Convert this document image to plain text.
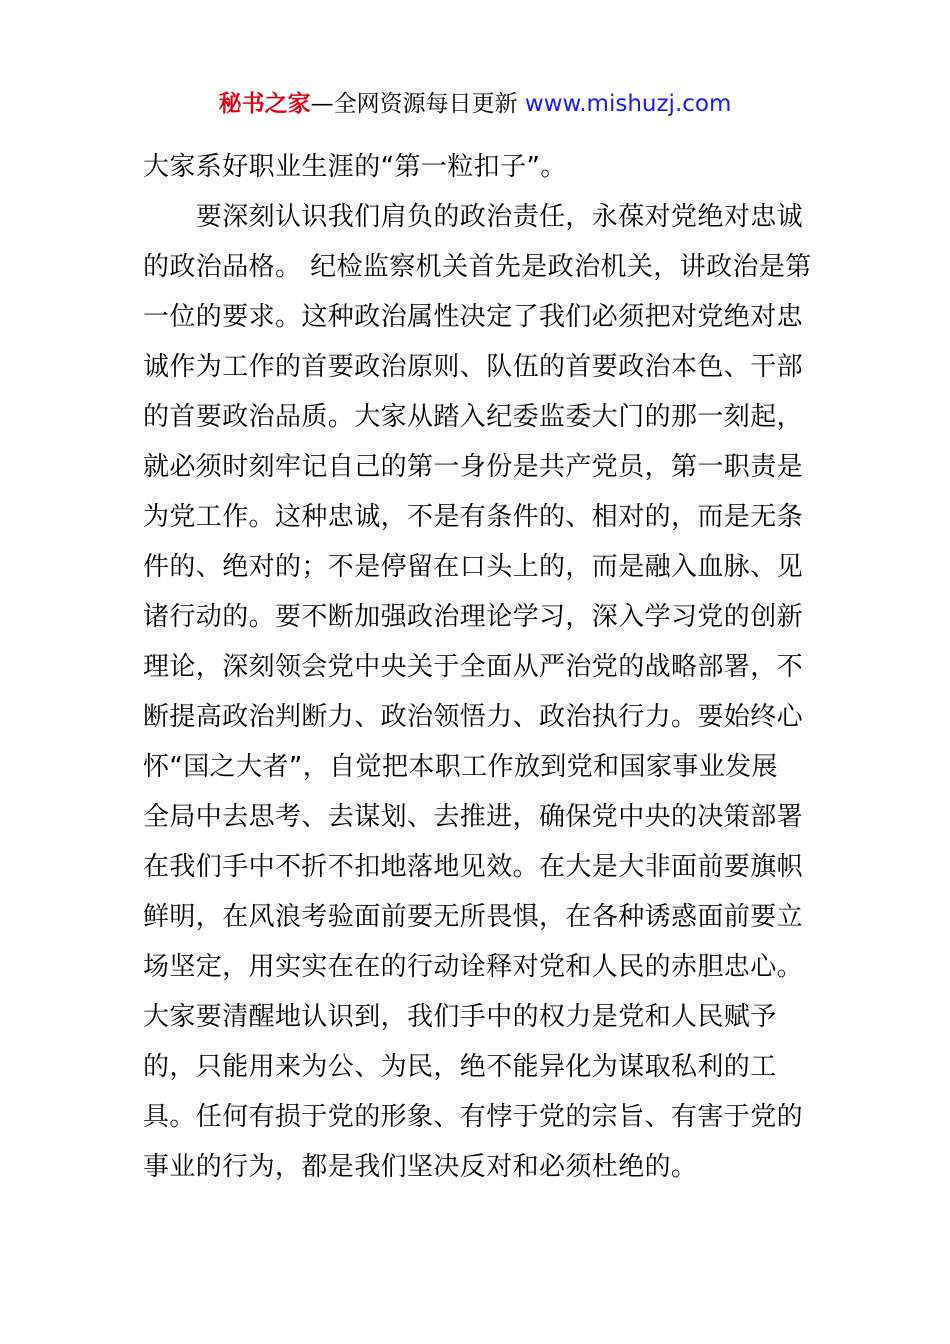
秘书之家—全网资源每日更新 www.mishuzj.com
大家系好职业生涯的“第一粒扣子”。
　　要深刻认识我们肩负的政治责任，永葆对党绝对忠诚
的政治品格。 纪检监察机关首先是政治机关，讲政治是第
一位的要求。这种政治属性决定了我们必须把对党绝对忠
诚作为工作的首要政治原则、队伍的首要政治本色、干部
的首要政治品质。大家从踏入纪委监委大门的那一刻起，
就必须时刻牢记自己的第一身份是共产党员，第一职责是
为党工作。这种忠诚，不是有条件的、相对的，而是无条
件的、绝对的；不是停留在口头上的，而是融入血脉、见
诸行动的。要不断加强政治理论学习，深入学习党的创新
理论，深刻领会党中央关于全面从严治党的战略部署，不
断提高政治判断力、政治领悟力、政治执行力。要始终心
怀“国之大者”，自觉把本职工作放到党和国家事业发展
全局中去思考、去谋划、去推进，确保党中央的决策部署
在我们手中不折不扣地落地见效。在大是大非面前要旗帜
鲜明，在风浪考验面前要无所畏惧，在各种诱惑面前要立
场坚定，用实实在在的行动诠释对党和人民的赤胆忠心。
大家要清醒地认识到，我们手中的权力是党和人民赋予
的，只能用来为公、为民，绝不能异化为谋取私利的工
具。任何有损于党的形象、有悖于党的宗旨、有害于党的
事业的行为，都是我们坚决反对和必须杜绝的。
